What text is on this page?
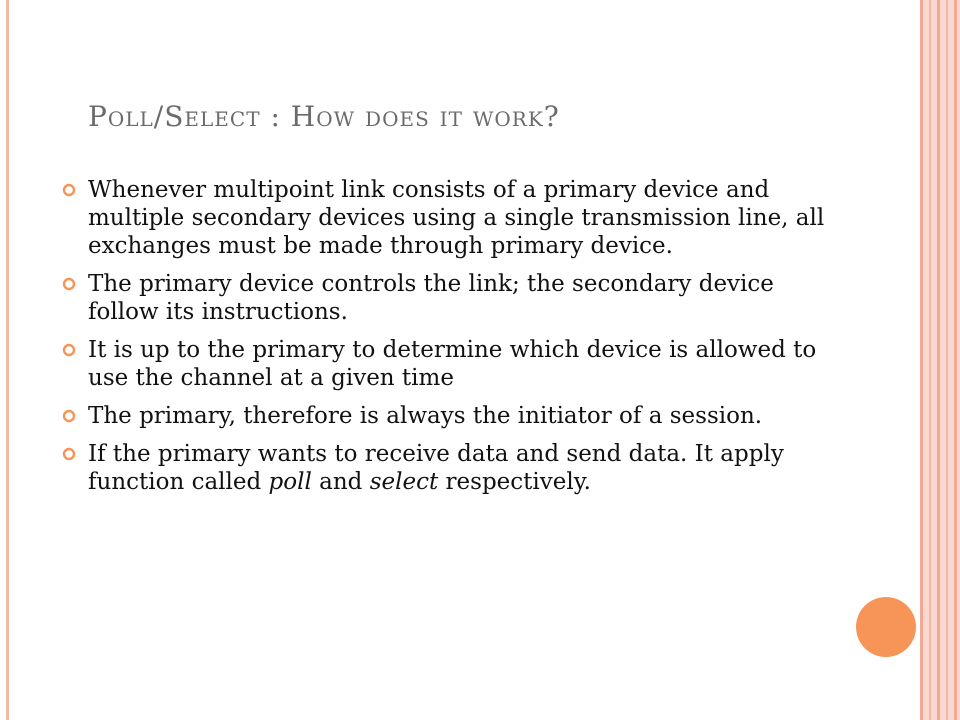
Poll/Select : How does it work?
Whenever multipoint link consists of a primary device and multiple secondary devices using a single transmission line, all exchanges must be made through primary device.
The primary device controls the link; the secondary device follow its instructions.
It is up to the primary to determine which device is allowed to use the channel at a given time
The primary, therefore is always the initiator of a session.
If the primary wants to receive data and send data. It apply function called poll and select respectively.
